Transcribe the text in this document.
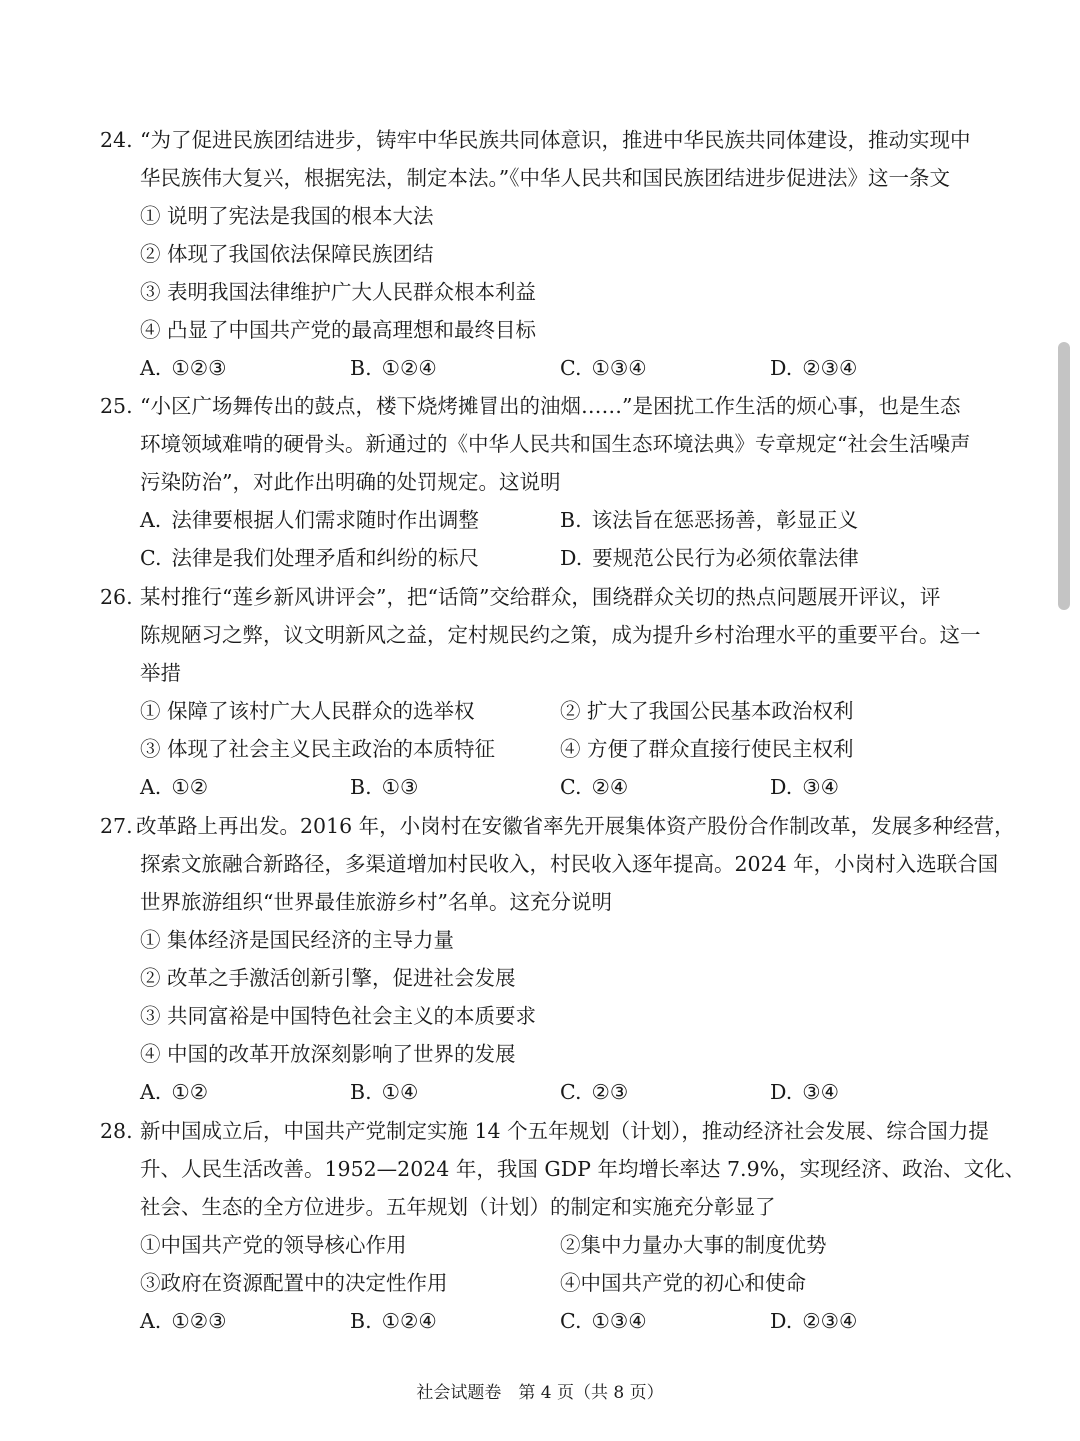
24. “为了促进民族团结进步，铸牢中华民族共同体意识，推进中华民族共同体建设，推动实现中
华民族伟大复兴，根据宪法，制定本法。”《中华人民共和国民族团结进步促进法》这一条文
① 说明了宪法是我国的根本大法
② 体现了我国依法保障民族团结
③ 表明我国法律维护广大人民群众根本利益
④ 凸显了中国共产党的最高理想和最终目标
A. ①②③	B. ①②④	C. ①③④	D. ②③④
25. “小区广场舞传出的鼓点，楼下烧烤摊冒出的油烟……”是困扰工作生活的烦心事，也是生态
环境领域难啃的硬骨头。新通过的《中华人民共和国生态环境法典》专章规定“社会生活噪声
污染防治”，对此作出明确的处罚规定。这说明
A. 法律要根据人们需求随时作出调整	B. 该法旨在惩恶扬善，彰显正义
C. 法律是我们处理矛盾和纠纷的标尺	D. 要规范公民行为必须依靠法律
26. 某村推行“莲乡新风讲评会”，把“话筒”交给群众，围绕群众关切的热点问题展开评议，评
陈规陋习之弊，议文明新风之益，定村规民约之策，成为提升乡村治理水平的重要平台。这一
举措
① 保障了该村广大人民群众的选举权	② 扩大了我国公民基本政治权利
③ 体现了社会主义民主政治的本质特征	④ 方便了群众直接行使民主权利
A. ①②	B. ①③	C. ②④	D. ③④
27. 改革路上再出发。2016 年，小岗村在安徽省率先开展集体资产股份合作制改革，发展多种经营，
探索文旅融合新路径，多渠道增加村民收入，村民收入逐年提高。2024 年，小岗村入选联合国
世界旅游组织“世界最佳旅游乡村”名单。这充分说明
① 集体经济是国民经济的主导力量
② 改革之手激活创新引擎，促进社会发展
③ 共同富裕是中国特色社会主义的本质要求
④ 中国的改革开放深刻影响了世界的发展
A. ①②	B. ①④	C. ②③	D. ③④
28. 新中国成立后，中国共产党制定实施 14 个五年规划（计划），推动经济社会发展、综合国力提
升、人民生活改善。1952—2024 年，我国 GDP 年均增长率达 7.9%，实现经济、政治、文化、
社会、生态的全方位进步。五年规划（计划）的制定和实施充分彰显了
①中国共产党的领导核心作用	②集中力量办大事的制度优势
③政府在资源配置中的决定性作用	④中国共产党的初心和使命
A. ①②③	B. ①②④	C. ①③④	D. ②③④
社会试题卷　第 4 页（共 8 页）
